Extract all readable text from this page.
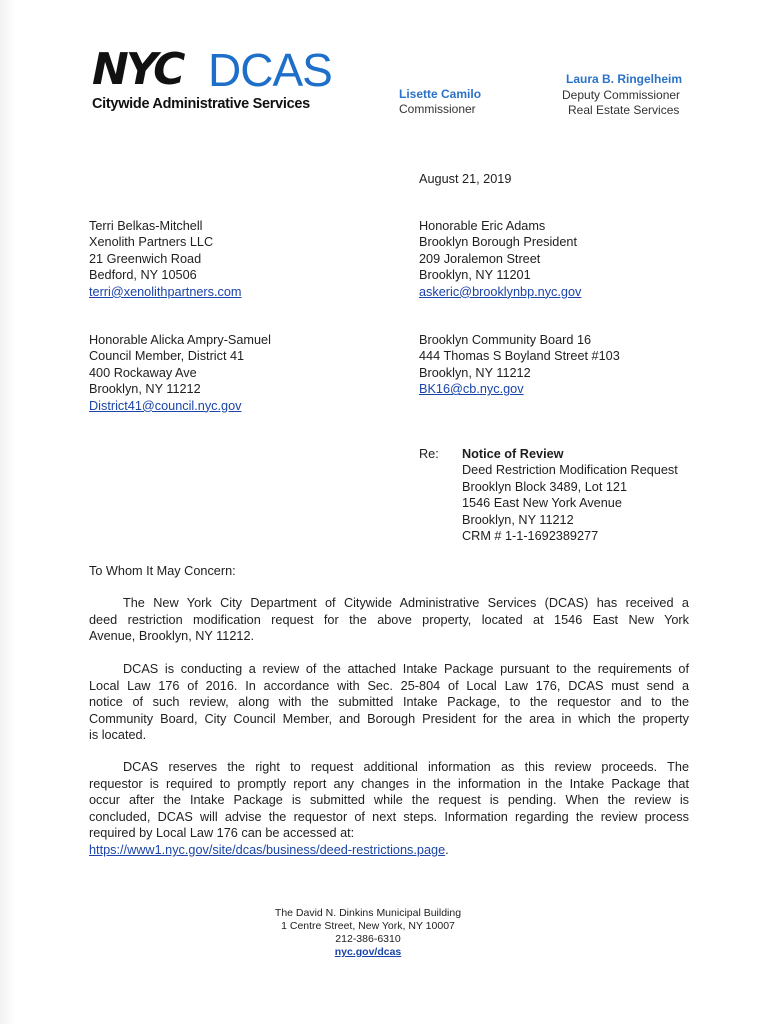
NYC DCAS
Citywide Administrative Services
Lisette Camilo
Commissioner
Laura B. Ringelheim
Deputy Commissioner
Real Estate Services
August 21, 2019
Terri Belkas-Mitchell
Xenolith Partners LLC
21 Greenwich Road
Bedford, NY 10506
terri@xenolithpartners.com
Honorable Eric Adams
Brooklyn Borough President
209 Joralemon Street
Brooklyn, NY 11201
askeric@brooklynbp.nyc.gov
Honorable Alicka Ampry-Samuel
Council Member, District 41
400 Rockaway Ave
Brooklyn, NY 11212
District41@council.nyc.gov
Brooklyn Community Board 16
444 Thomas S Boyland Street #103
Brooklyn, NY 11212
BK16@cb.nyc.gov
Re: Notice of Review
Deed Restriction Modification Request
Brooklyn Block 3489, Lot 121
1546 East New York Avenue
Brooklyn, NY 11212
CRM # 1-1-1692389277
To Whom It May Concern:
The New York City Department of Citywide Administrative Services (DCAS) has received a
deed restriction modification request for the above property, located at 1546 East New York
Avenue, Brooklyn, NY 11212.
DCAS is conducting a review of the attached Intake Package pursuant to the requirements of
Local Law 176 of 2016. In accordance with Sec. 25-804 of Local Law 176, DCAS must send a
notice of such review, along with the submitted Intake Package, to the requestor and to the
Community Board, City Council Member, and Borough President for the area in which the property
is located.
DCAS reserves the right to request additional information as this review proceeds. The
requestor is required to promptly report any changes in the information in the Intake Package that
occur after the Intake Package is submitted while the request is pending. When the review is
concluded, DCAS will advise the requestor of next steps. Information regarding the review process
required by Local Law 176 can be accessed at:
https://www1.nyc.gov/site/dcas/business/deed-restrictions.page.
The David N. Dinkins Municipal Building
1 Centre Street, New York, NY 10007
212-386-6310
nyc.gov/dcas
